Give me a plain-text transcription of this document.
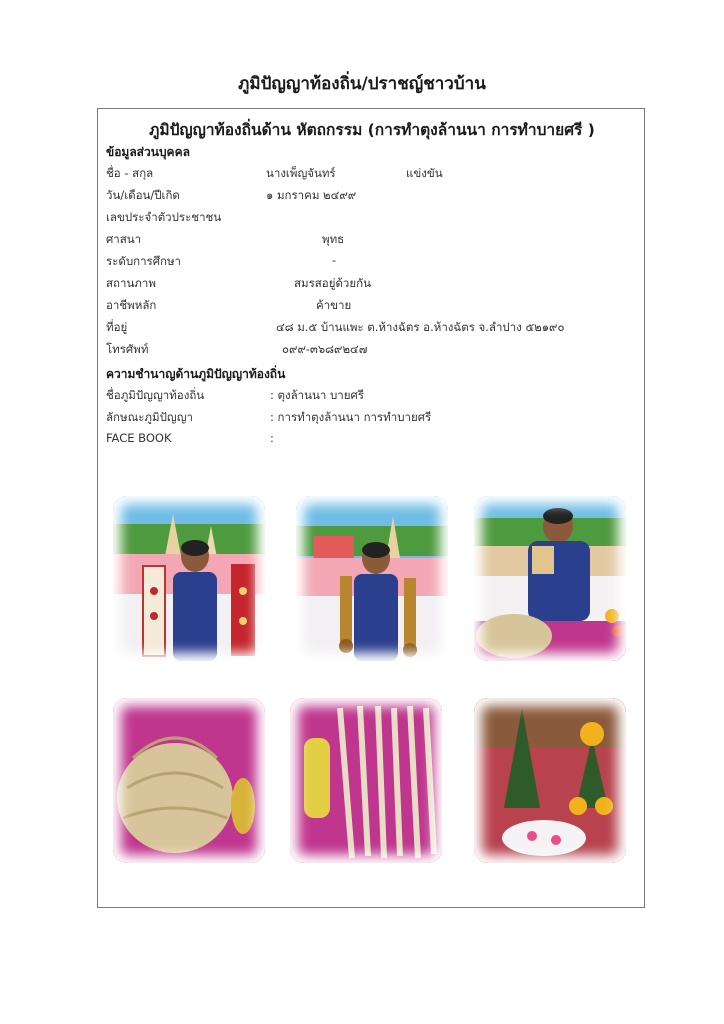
ภูมิปัญญาท้องถิ่น/ปราชญ์ชาวบ้าน
ภูมิปัญญาท้องถิ่นด้าน หัตถกรรม (การทำตุงล้านนา การทำบายศรี )
ข้อมูลส่วนบุคคล
ชื่อ - สกุล	นางเพ็ญจันทร์	แข่งขัน
วัน/เดือน/ปีเกิด	๑ มกราคม ๒๔๙๙
เลขประจำตัวประชาชน
ศาสนา	พุทธ
ระดับการศึกษา	-
สถานภาพ	สมรสอยู่ด้วยกัน
อาชีพหลัก	ค้าขาย
ที่อยู่	๔๘ ม.๕ บ้านแพะ ต.ห้างฉัตร อ.ห้างฉัตร จ.ลำปาง ๕๒๑๙๐
โทรศัพท์	๐๙๙-๓๖๘๙๒๔๗
ความชำนาญด้านภูมิปัญญาท้องถิ่น
ชื่อภูมิปัญญาท้องถิ่น	: ตุงล้านนา บายศรี
ลักษณะภูมิปัญญา	: การทำตุงล้านนา การทำบายศรี
FACE BOOK	:
